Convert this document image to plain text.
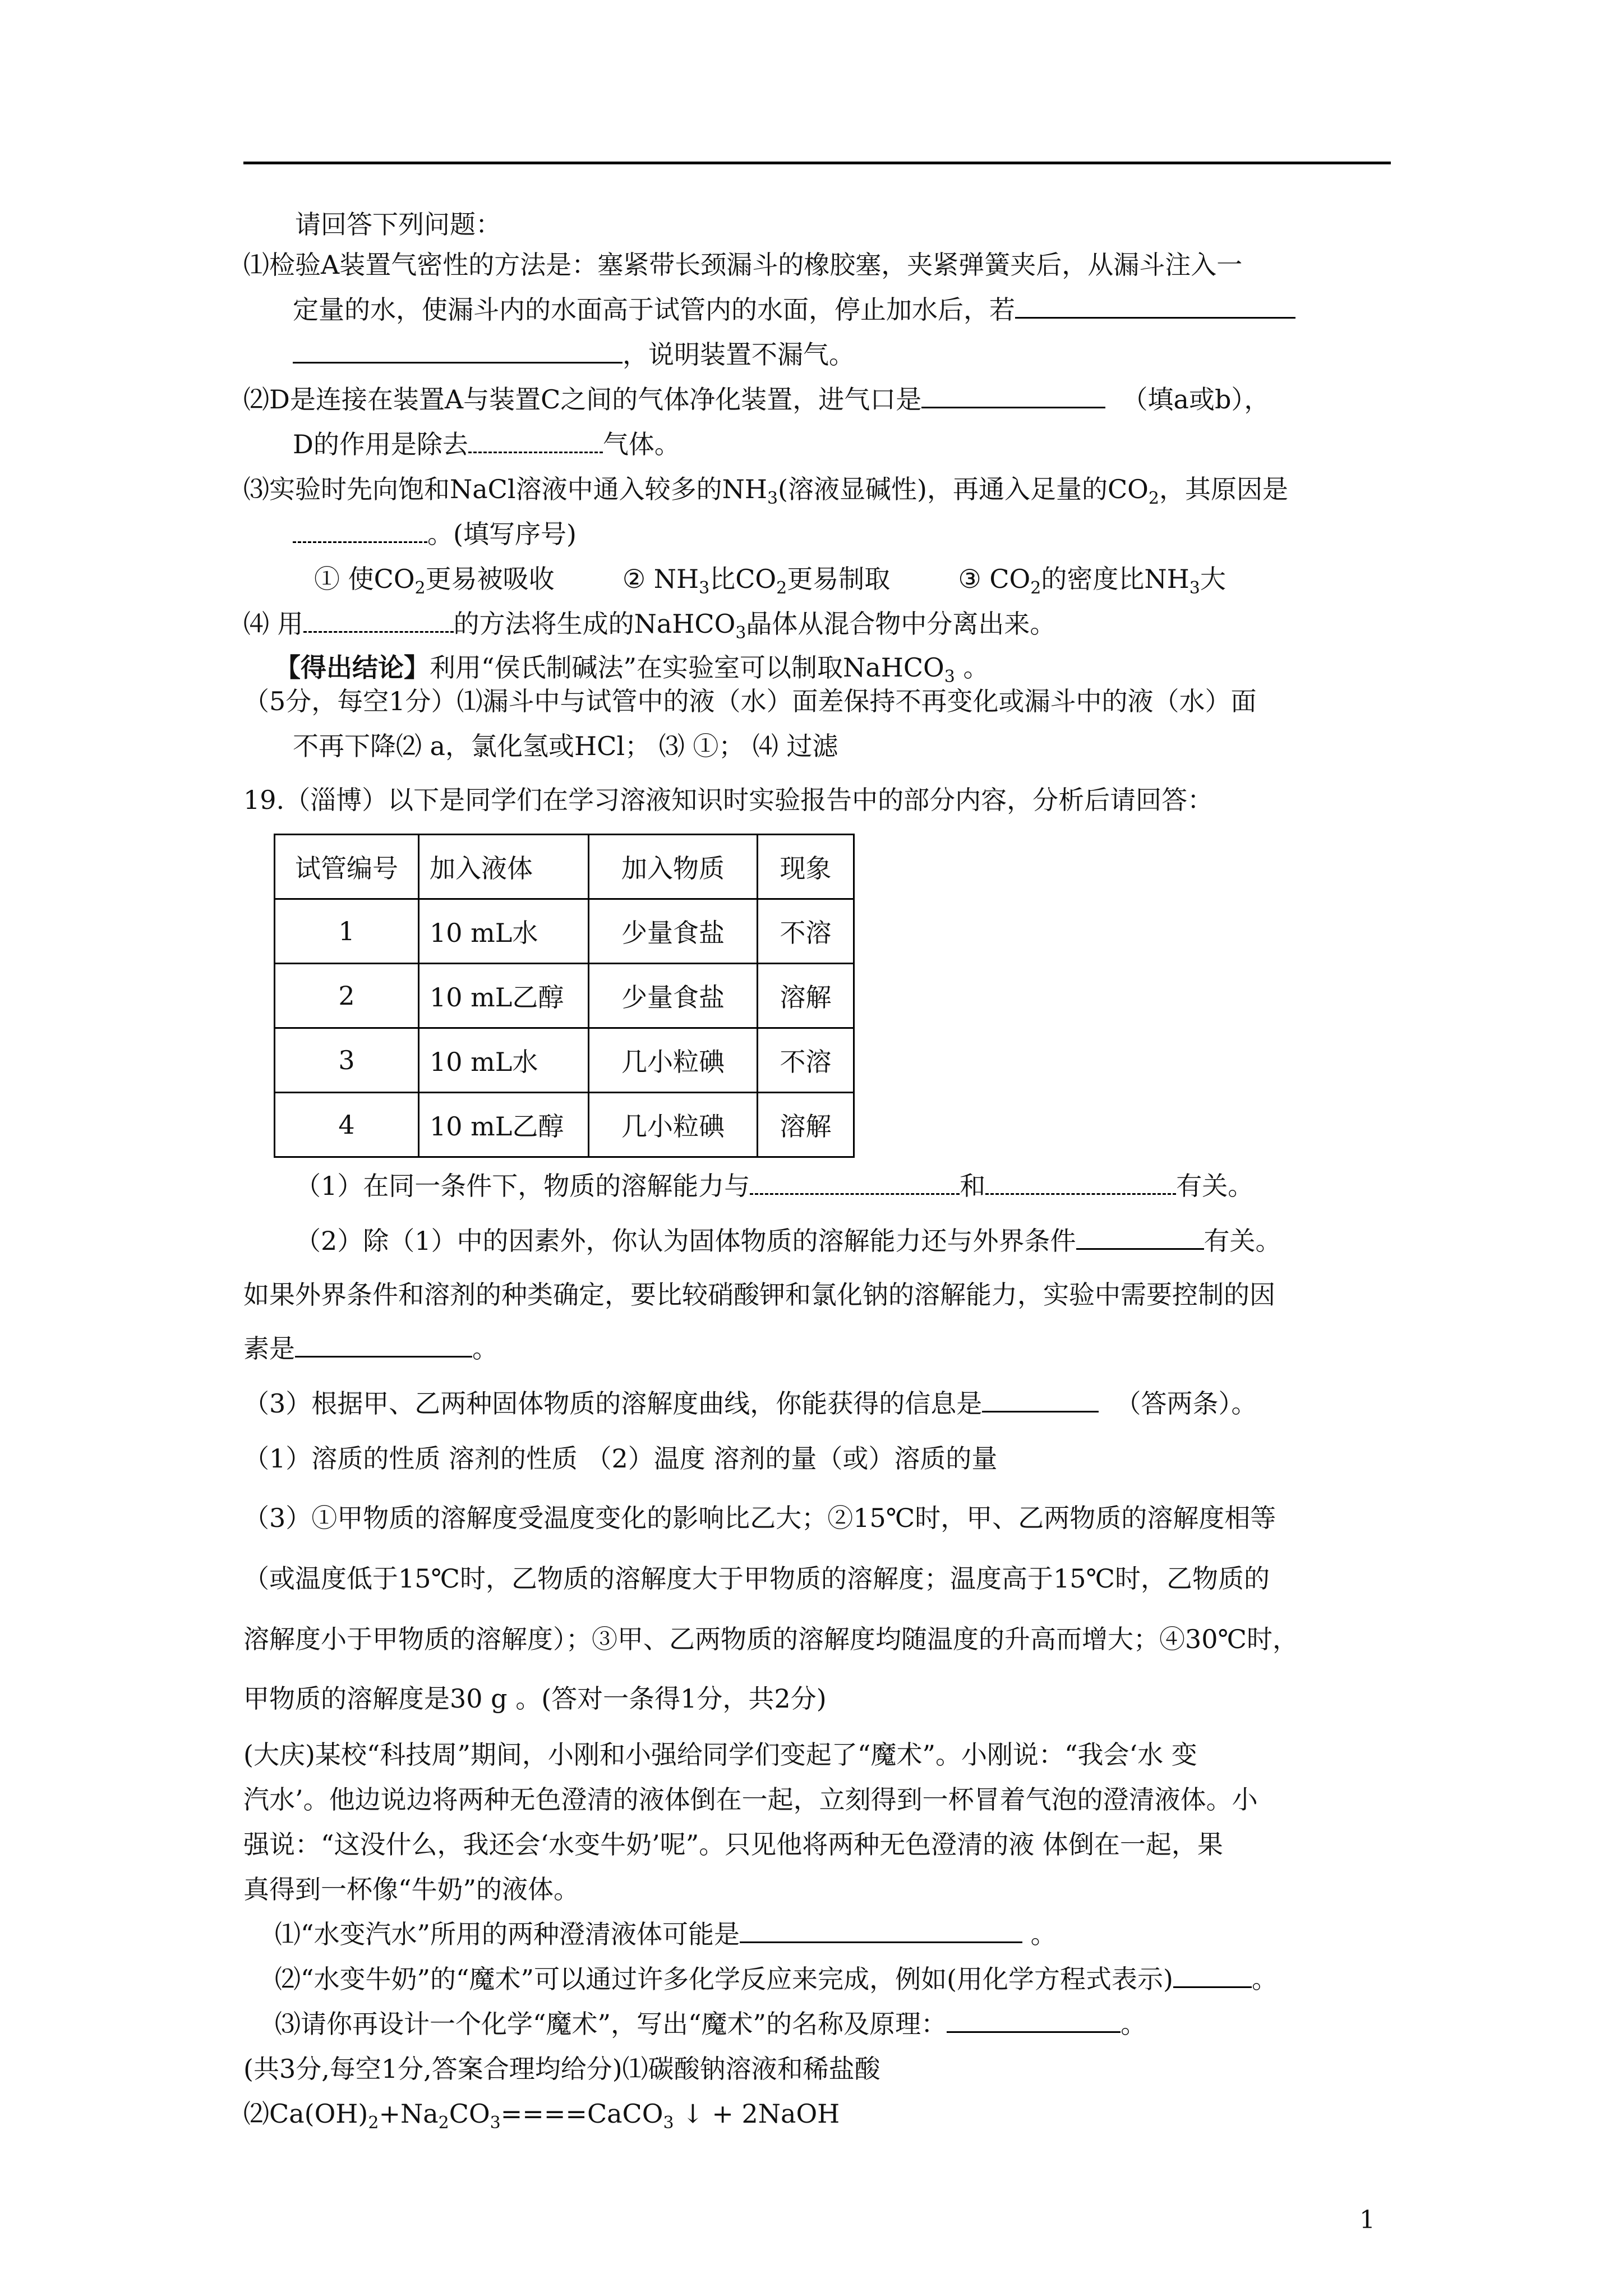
请回答下列问题：
⑴检验A装置气密性的方法是：塞紧带长颈漏斗的橡胶塞，夹紧弹簧夹后，从漏斗注入一
定量的水，使漏斗内的水面高于试管内的水面，停止加水后，若
，说明装置不漏气。
⑵D是连接在装置A与装置C之间的气体净化装置，进气口是	（填a或b），
D的作用是除去	气体。
⑶实验时先向饱和NaCl溶液中通入较多的$NH_3$(溶液显碱性)，再通入足量的$CO_2$，其原因是
。(填写序号)
① 使$CO_2$更易被吸收	② $NH_3$比$CO_2$更易制取	③ $CO_2$的密度比$NH_3$大
⑷ 用	的方法将生成的NaHCO$_3$晶体从混合物中分离出来。
【得出结论】利用“侯氏制碱法”在实验室可以制取NaHCO$_3$ 。
（5分，每空1分）⑴漏斗中与试管中的液（水）面差保持不再变化或漏斗中的液（水）面
不再下降⑵ a，氯化氢或HCl； ⑶ ①； ⑷ 过滤
19.（淄博）以下是同学们在学习溶液知识时实验报告中的部分内容，分析后请回答：
试管编号	加入液体	加入物质	现象
1	10 mL水	少量食盐	不溶
2	10 mL乙醇	少量食盐	溶解
3	10 mL水	几小粒碘	不溶
4	10 mL乙醇	几小粒碘	溶解
（1）在同一条件下，物质的溶解能力与	和	有关。
（2）除（1）中的因素外，你认为固体物质的溶解能力还与外界条件	有关。
如果外界条件和溶剂的种类确定，要比较硝酸钾和氯化钠的溶解能力，实验中需要控制的因
素是	。
（3）根据甲、乙两种固体物质的溶解度曲线，你能获得的信息是	（答两条）。
（1）溶质的性质 溶剂的性质 （2）温度 溶剂的量（或）溶质的量
（3）①甲物质的溶解度受温度变化的影响比乙大；②15℃时，甲、乙两物质的溶解度相等
（或温度低于15℃时，乙物质的溶解度大于甲物质的溶解度；温度高于15℃时，乙物质的
溶解度小于甲物质的溶解度）；③甲、乙两物质的溶解度均随温度的升高而增大；④30℃时，
甲物质的溶解度是30 g 。(答对一条得1分，共2分)
(大庆)某校“科技周”期间，小刚和小强给同学们变起了“魔术”。小刚说：“我会‘水 变
汽水’。他边说边将两种无色澄清的液体倒在一起，立刻得到一杯冒着气泡的澄清液体。小
强说：“这没什么，我还会‘水变牛奶’呢”。只见他将两种无色澄清的液 体倒在一起，果
真得到一杯像“牛奶”的液体。
⑴“水变汽水”所用的两种澄清液体可能是	。
⑵“水变牛奶”的“魔术”可以通过许多化学反应来完成，例如(用化学方程式表示)	。
⑶请你再设计一个化学“魔术”，写出“魔术”的名称及原理：	。
(共3分,每空1分,答案合理均给分)⑴碳酸钠溶液和稀盐酸
$⑵Ca(OH)_2+Na_2CO_3====CaCO_3$ ↓ + 2NaOH
1
